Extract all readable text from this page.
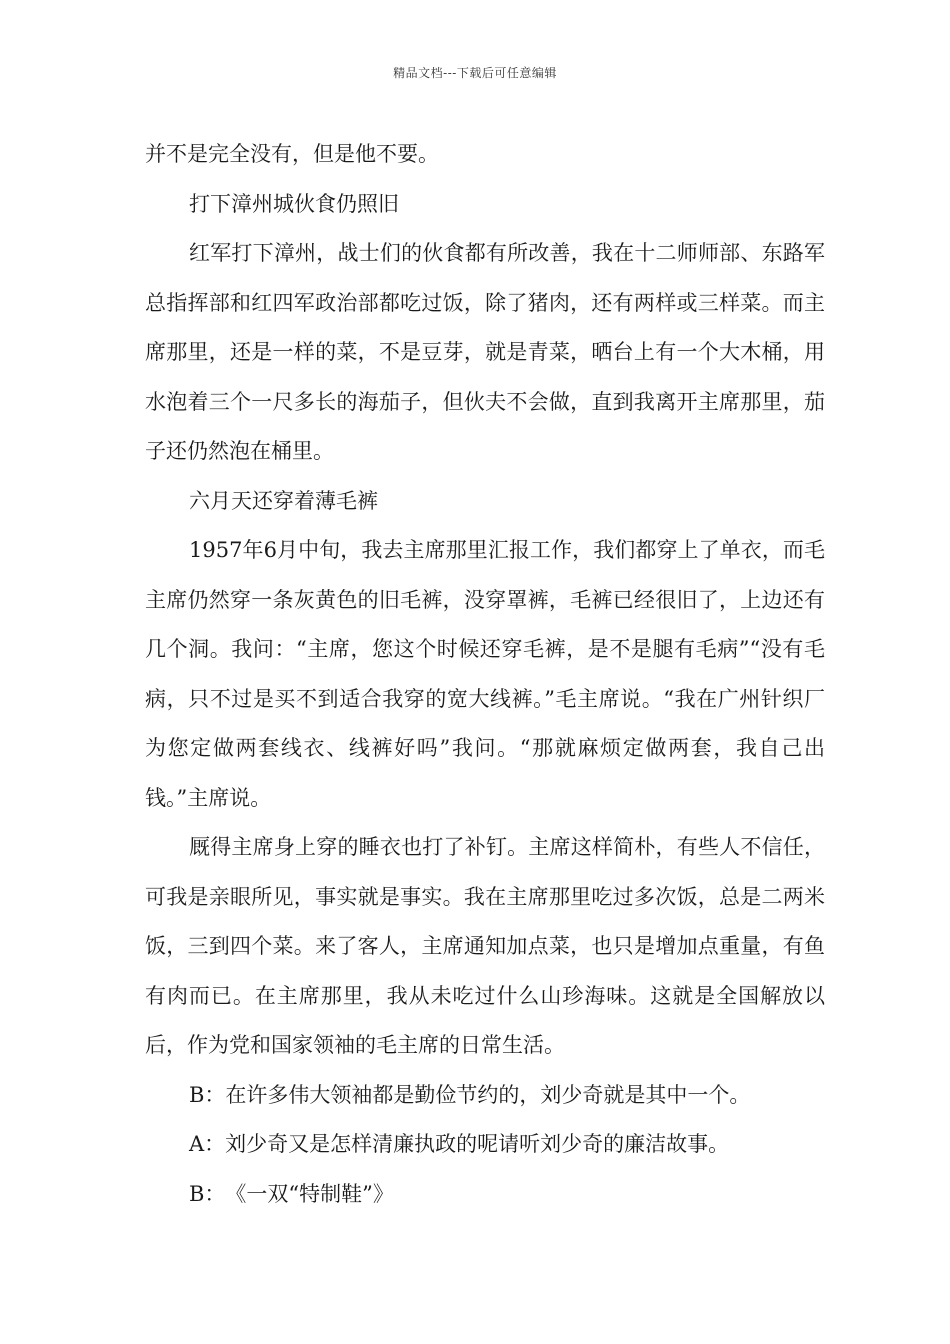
精品文档---下载后可任意编辑

并不是完全没有，但是他不要。

打下漳州城伙食仍照旧

红军打下漳州，战士们的伙食都有所改善，我在十二师师部、东路军总指挥部和红四军政治部都吃过饭，除了猪肉，还有两样或三样菜。而主席那里，还是一样的菜，不是豆芽，就是青菜，晒台上有一个大木桶，用水泡着三个一尺多长的海茄子，但伙夫不会做，直到我离开主席那里，茄子还仍然泡在桶里。

六月天还穿着薄毛裤

1957年6月中旬，我去主席那里汇报工作，我们都穿上了单衣，而毛主席仍然穿一条灰黄色的旧毛裤，没穿罩裤，毛裤已经很旧了，上边还有几个洞。我问：“主席，您这个时候还穿毛裤，是不是腿有毛病”“没有毛病，只不过是买不到适合我穿的宽大线裤。”毛主席说。“我在广州针织厂为您定做两套线衣、线裤好吗”我问。“那就麻烦定做两套，我自己出钱。”主席说。

厩得主席身上穿的睡衣也打了补钉。主席这样简朴，有些人不信任，可我是亲眼所见，事实就是事实。我在主席那里吃过多次饭，总是二两米饭，三到四个菜。来了客人，主席通知加点菜，也只是增加点重量，有鱼有肉而已。在主席那里，我从未吃过什么山珍海味。这就是全国解放以后，作为党和国家领袖的毛主席的日常生活。

B：在许多伟大领袖都是勤俭节约的，刘少奇就是其中一个。

A：刘少奇又是怎样清廉执政的呢请听刘少奇的廉洁故事。

B：　《一双“特制鞋”》
